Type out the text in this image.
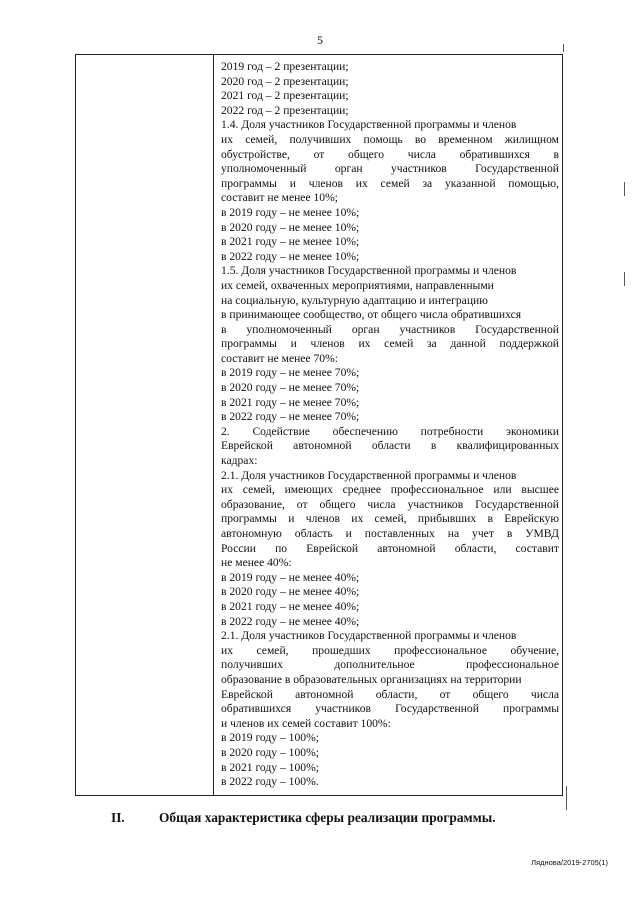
5
2019 год – 2 презентации;
2020 год – 2 презентации;
2021 год – 2 презентации;
2022 год – 2 презентации;
1.4. Доля участников Государственной программы и членов
их семей, получивших помощь во временном жилищном
обустройстве, от общего числа обратившихся в
уполномоченный орган участников Государственной
программы и членов их семей за указанной помощью,
составит не менее 10%;
в 2019 году – не менее 10%;
в 2020 году – не менее 10%;
в 2021 году – не менее 10%;
в 2022 году – не менее 10%;
1.5. Доля участников Государственной программы и членов
их семей, охваченных мероприятиями, направленными
на социальную, культурную адаптацию и интеграцию
в принимающее сообщество, от общего числа обратившихся
в уполномоченный орган участников Государственной
программы и членов их семей за данной поддержкой
составит не менее 70%:
в 2019 году – не менее 70%;
в 2020 году – не менее 70%;
в 2021 году – не менее 70%;
в 2022 году – не менее 70%;
2. Содействие обеспечению потребности экономики
Еврейской автономной области в квалифицированных
кадрах:
2.1. Доля участников Государственной программы и членов
их семей, имеющих среднее профессиональное или высшее
образование, от общего числа участников Государственной
программы и членов их семей, прибывших в Еврейскую
автономную область и поставленных на учет в УМВД
России по Еврейской автономной области, составит
не менее 40%:
в 2019 году – не менее 40%;
в 2020 году – не менее 40%;
в 2021 году – не менее 40%;
в 2022 году – не менее 40%;
2.1. Доля участников Государственной программы и членов
их семей, прошедших профессиональное обучение,
получивших дополнительное профессиональное
образование в образовательных организациях на территории
Еврейской автономной области, от общего числа
обратившихся участников Государственной программы
и членов их семей составит 100%:
в 2019 году – 100%;
в 2020 году – 100%;
в 2021 году – 100%;
в 2022 году – 100%.
II.	Общая характеристика сферы реализации программы.
Ляднова/2019-2705(1)
